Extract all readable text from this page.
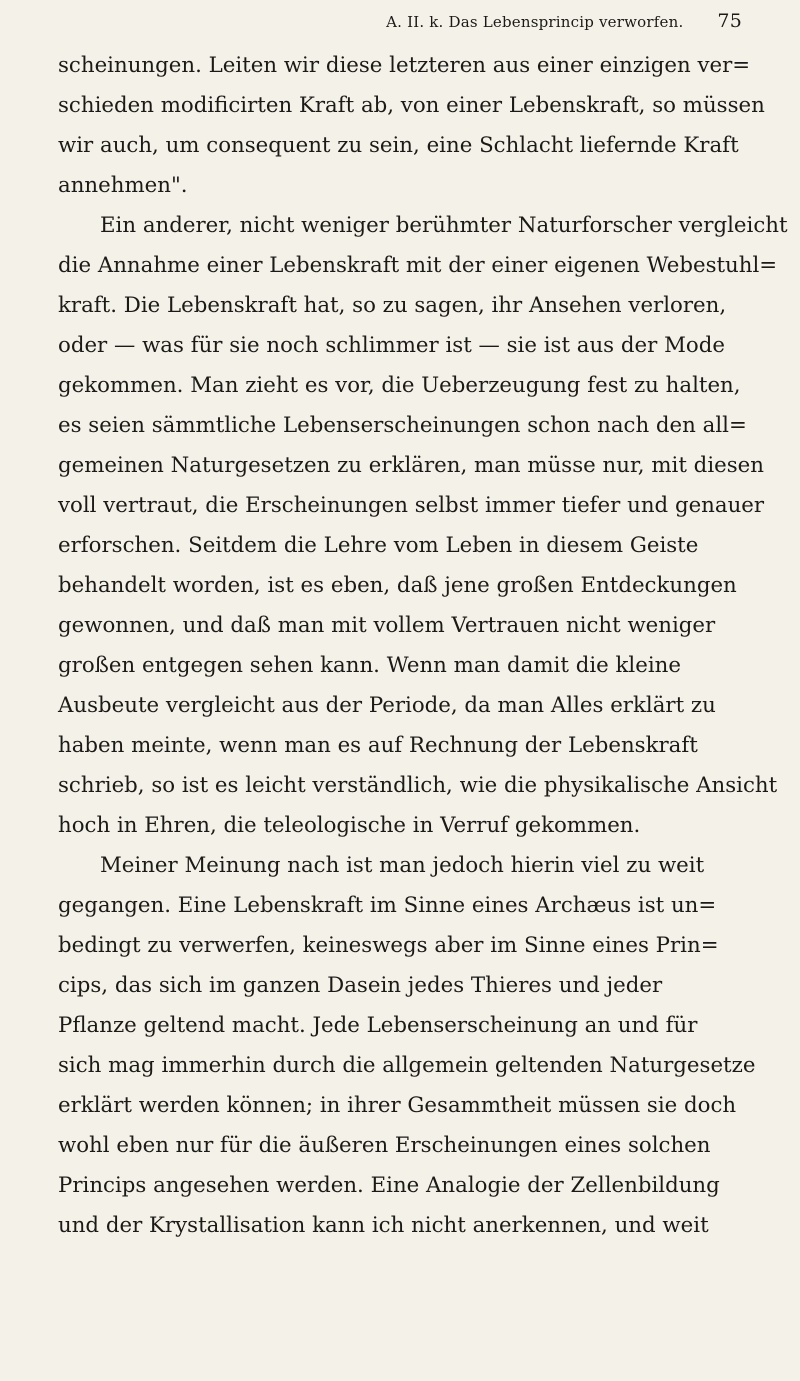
A. II. k. Das Lebensprincip verworfen. 75

scheinungen. Leiten wir diese letzteren aus einer einzigen ver=
schieden modificirten Kraft ab, von einer Lebenskraft, so müssen
wir auch, um consequent zu sein, eine Schlacht liefernde Kraft
annehmen".

Ein anderer, nicht weniger berühmter Naturforscher vergleicht
die Annahme einer Lebenskraft mit der einer eigenen Webestuhl=
kraft. Die Lebenskraft hat, so zu sagen, ihr Ansehen verloren,
oder — was für sie noch schlimmer ist — sie ist aus der Mode
gekommen. Man zieht es vor, die Ueberzeugung fest zu halten,
es seien sämmtliche Lebenserscheinungen schon nach den all=
gemeinen Naturgesetzen zu erklären, man müsse nur, mit diesen
voll vertraut, die Erscheinungen selbst immer tiefer und genauer
erforschen. Seitdem die Lehre vom Leben in diesem Geiste
behandelt worden, ist es eben, daß jene großen Entdeckungen
gewonnen, und daß man mit vollem Vertrauen nicht weniger
großen entgegen sehen kann. Wenn man damit die kleine
Ausbeute vergleicht aus der Periode, da man Alles erklärt zu
haben meinte, wenn man es auf Rechnung der Lebenskraft
schrieb, so ist es leicht verständlich, wie die physikalische Ansicht
hoch in Ehren, die teleologische in Verruf gekommen.

Meiner Meinung nach ist man jedoch hierin viel zu weit
gegangen. Eine Lebenskraft im Sinne eines Archæus ist un=
bedingt zu verwerfen, keineswegs aber im Sinne eines Prin=
cips, das sich im ganzen Dasein jedes Thieres und jeder
Pflanze geltend macht. Jede Lebenserscheinung an und für
sich mag immerhin durch die allgemein geltenden Naturgesetze
erklärt werden können; in ihrer Gesammtheit müssen sie doch
wohl eben nur für die äußeren Erscheinungen eines solchen
Princips angesehen werden. Eine Analogie der Zellenbildung
und der Krystallisation kann ich nicht anerkennen, und weit
